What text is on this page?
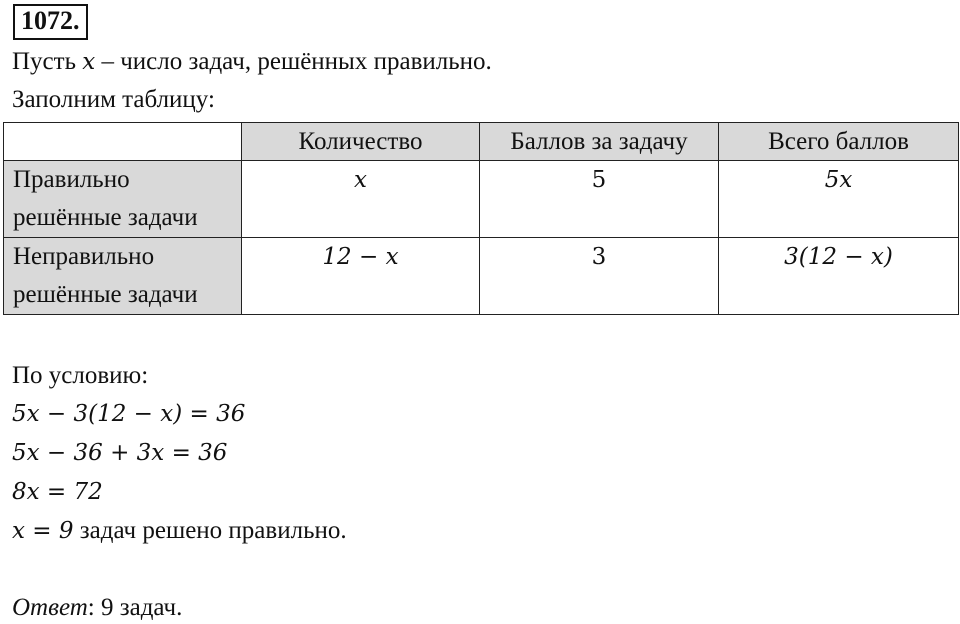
1072.
Пусть x – число задач, решённых правильно.
Заполним таблицу:
	Количество	Баллов за задачу	Всего баллов

Правильно
решённые задачи	x	5	5x

Неправильно
решённые задачи	12 − x	3	3(12 − x)
По условию:
5x − 3(12 − x) = 36
5x − 36 + 3x = 36
8x = 72
x = 9 задач решено правильно.
Ответ: 9 задач.
